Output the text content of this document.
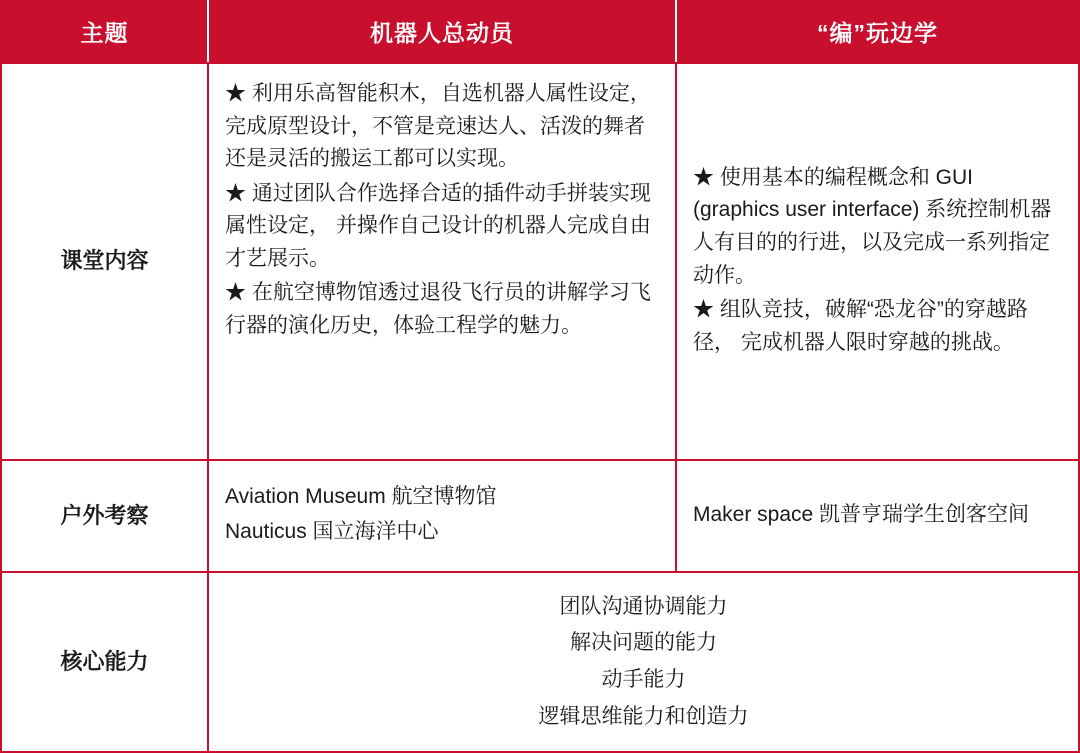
主题	机器人总动员	“编”玩边学
课堂内容

★ 利用乐高智能积木，自选机器人属性设定，完成原型设计，不管是竞速达人、活泼的舞者还是灵活的搬运工都可以实现。

★ 通过团队合作选择合适的插件动手拼装实现属性设定， 并操作自己设计的机器人完成自由才艺展示。

★ 在航空博物馆透过退役飞行员的讲解学习飞行器的演化历史，体验工程学的魅力。

★ 使用基本的编程概念和 GUI (graphics user interface) 系统控制机器人有目的的行进，以及完成一系列指定动作。

★ 组队竞技，破解“恐龙谷”的穿越路径， 完成机器人限时穿越的挑战。

户外考察

Aviation Museum 航空博物馆

Nauticus 国立海洋中心

Maker space 凯普亨瑞学生创客空间

核心能力
团队沟通协调能力
解决问题的能力
动手能力
逻辑思维能力和创造力
